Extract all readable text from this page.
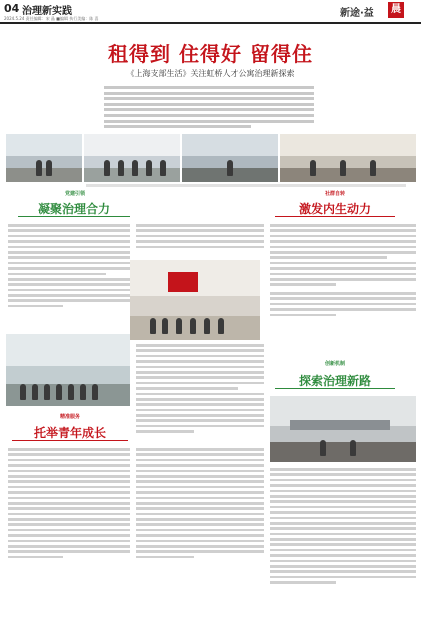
04 治理新实践
2024.5.24 责任编辑：宋 晶 ■编辑 执行美编：陈 喜	新途·益	晨
租得到 住得好 留得住
《上海支部生活》关注虹桥人才公寓治理新探索
党建引领
凝聚治理合力
社群自转
激发内生动力
创新机制
探索治理新路
精准服务
托举青年成长
